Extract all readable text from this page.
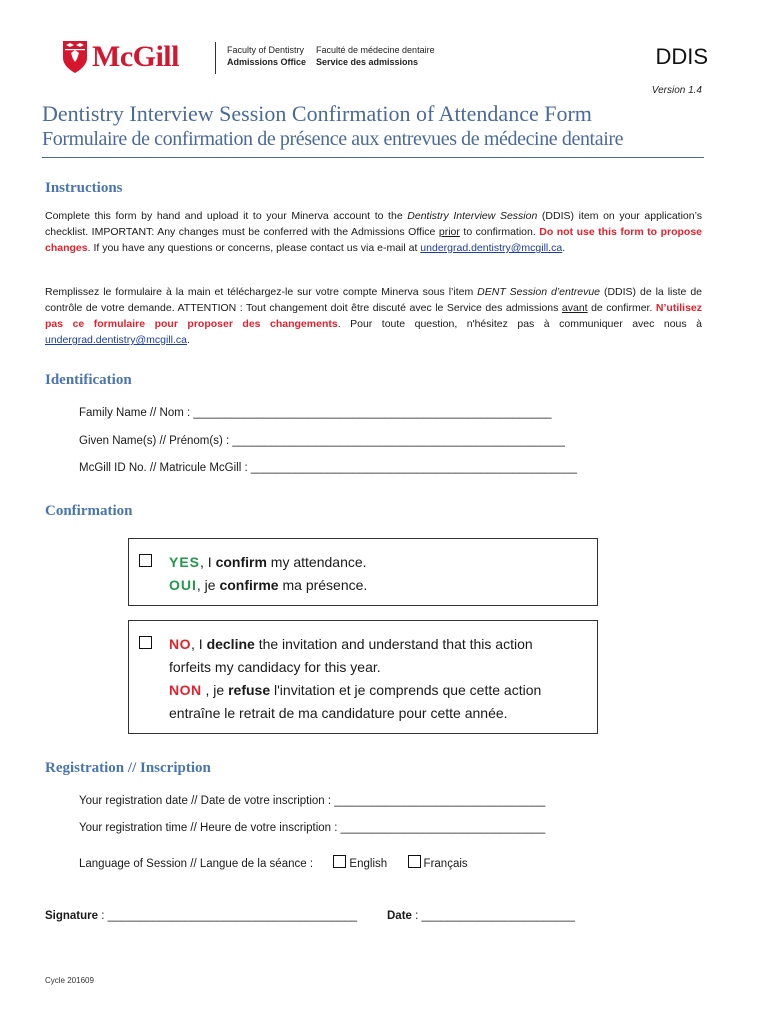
McGill	Faculty of Dentistry
Admissions Office
Faculté de médecine dentaire
Service des admissions	DDIS
Version 1.4
Dentistry Interview Session Confirmation of Attendance Form
Formulaire de confirmation de présence aux entrevues de médecine dentaire
Instructions
Complete this form by hand and upload it to your Minerva account to the Dentistry Interview Session (DDIS) item on your application’s checklist. IMPORTANT: Any changes must be conferred with the Admissions Office prior to confirmation. Do not use this form to propose changes. If you have any questions or concerns, please contact us via e-mail at undergrad.dentistry@mcgill.ca.
Remplissez le formulaire à la main et téléchargez-le sur votre compte Minerva sous l’item DENT Session d’entrevue (DDIS) de la liste de contrôle de votre demande. ATTENTION : Tout changement doit être discuté avec le Service des admissions avant de confirmer. N’utilisez pas ce formulaire pour proposer des changements. Pour toute question, n'hésitez pas à communiquer avec nous à undergrad.dentistry@mcgill.ca.
Identification
Family Name // Nom : ________________________________________________________
Given Name(s) // Prénom(s) : ____________________________________________________
McGill ID No. // Matricule McGill : ___________________________________________________
Confirmation
YES, I confirm my attendance.
OUI, je confirme ma présence.
NO, I decline the invitation and understand that this action
forfeits my candidacy for this year.
NON , je refuse l'invitation et je comprends que cette action
entraîne le retrait de ma candidature pour cette année.
Registration // Inscription
Your registration date // Date de votre inscription : _________________________________
Your registration time // Heure de votre inscription : ________________________________
Language of Session // Langue de la séance :	English	Français
Signature : _______________________________________	Date : ________________________
Cycle 201609
